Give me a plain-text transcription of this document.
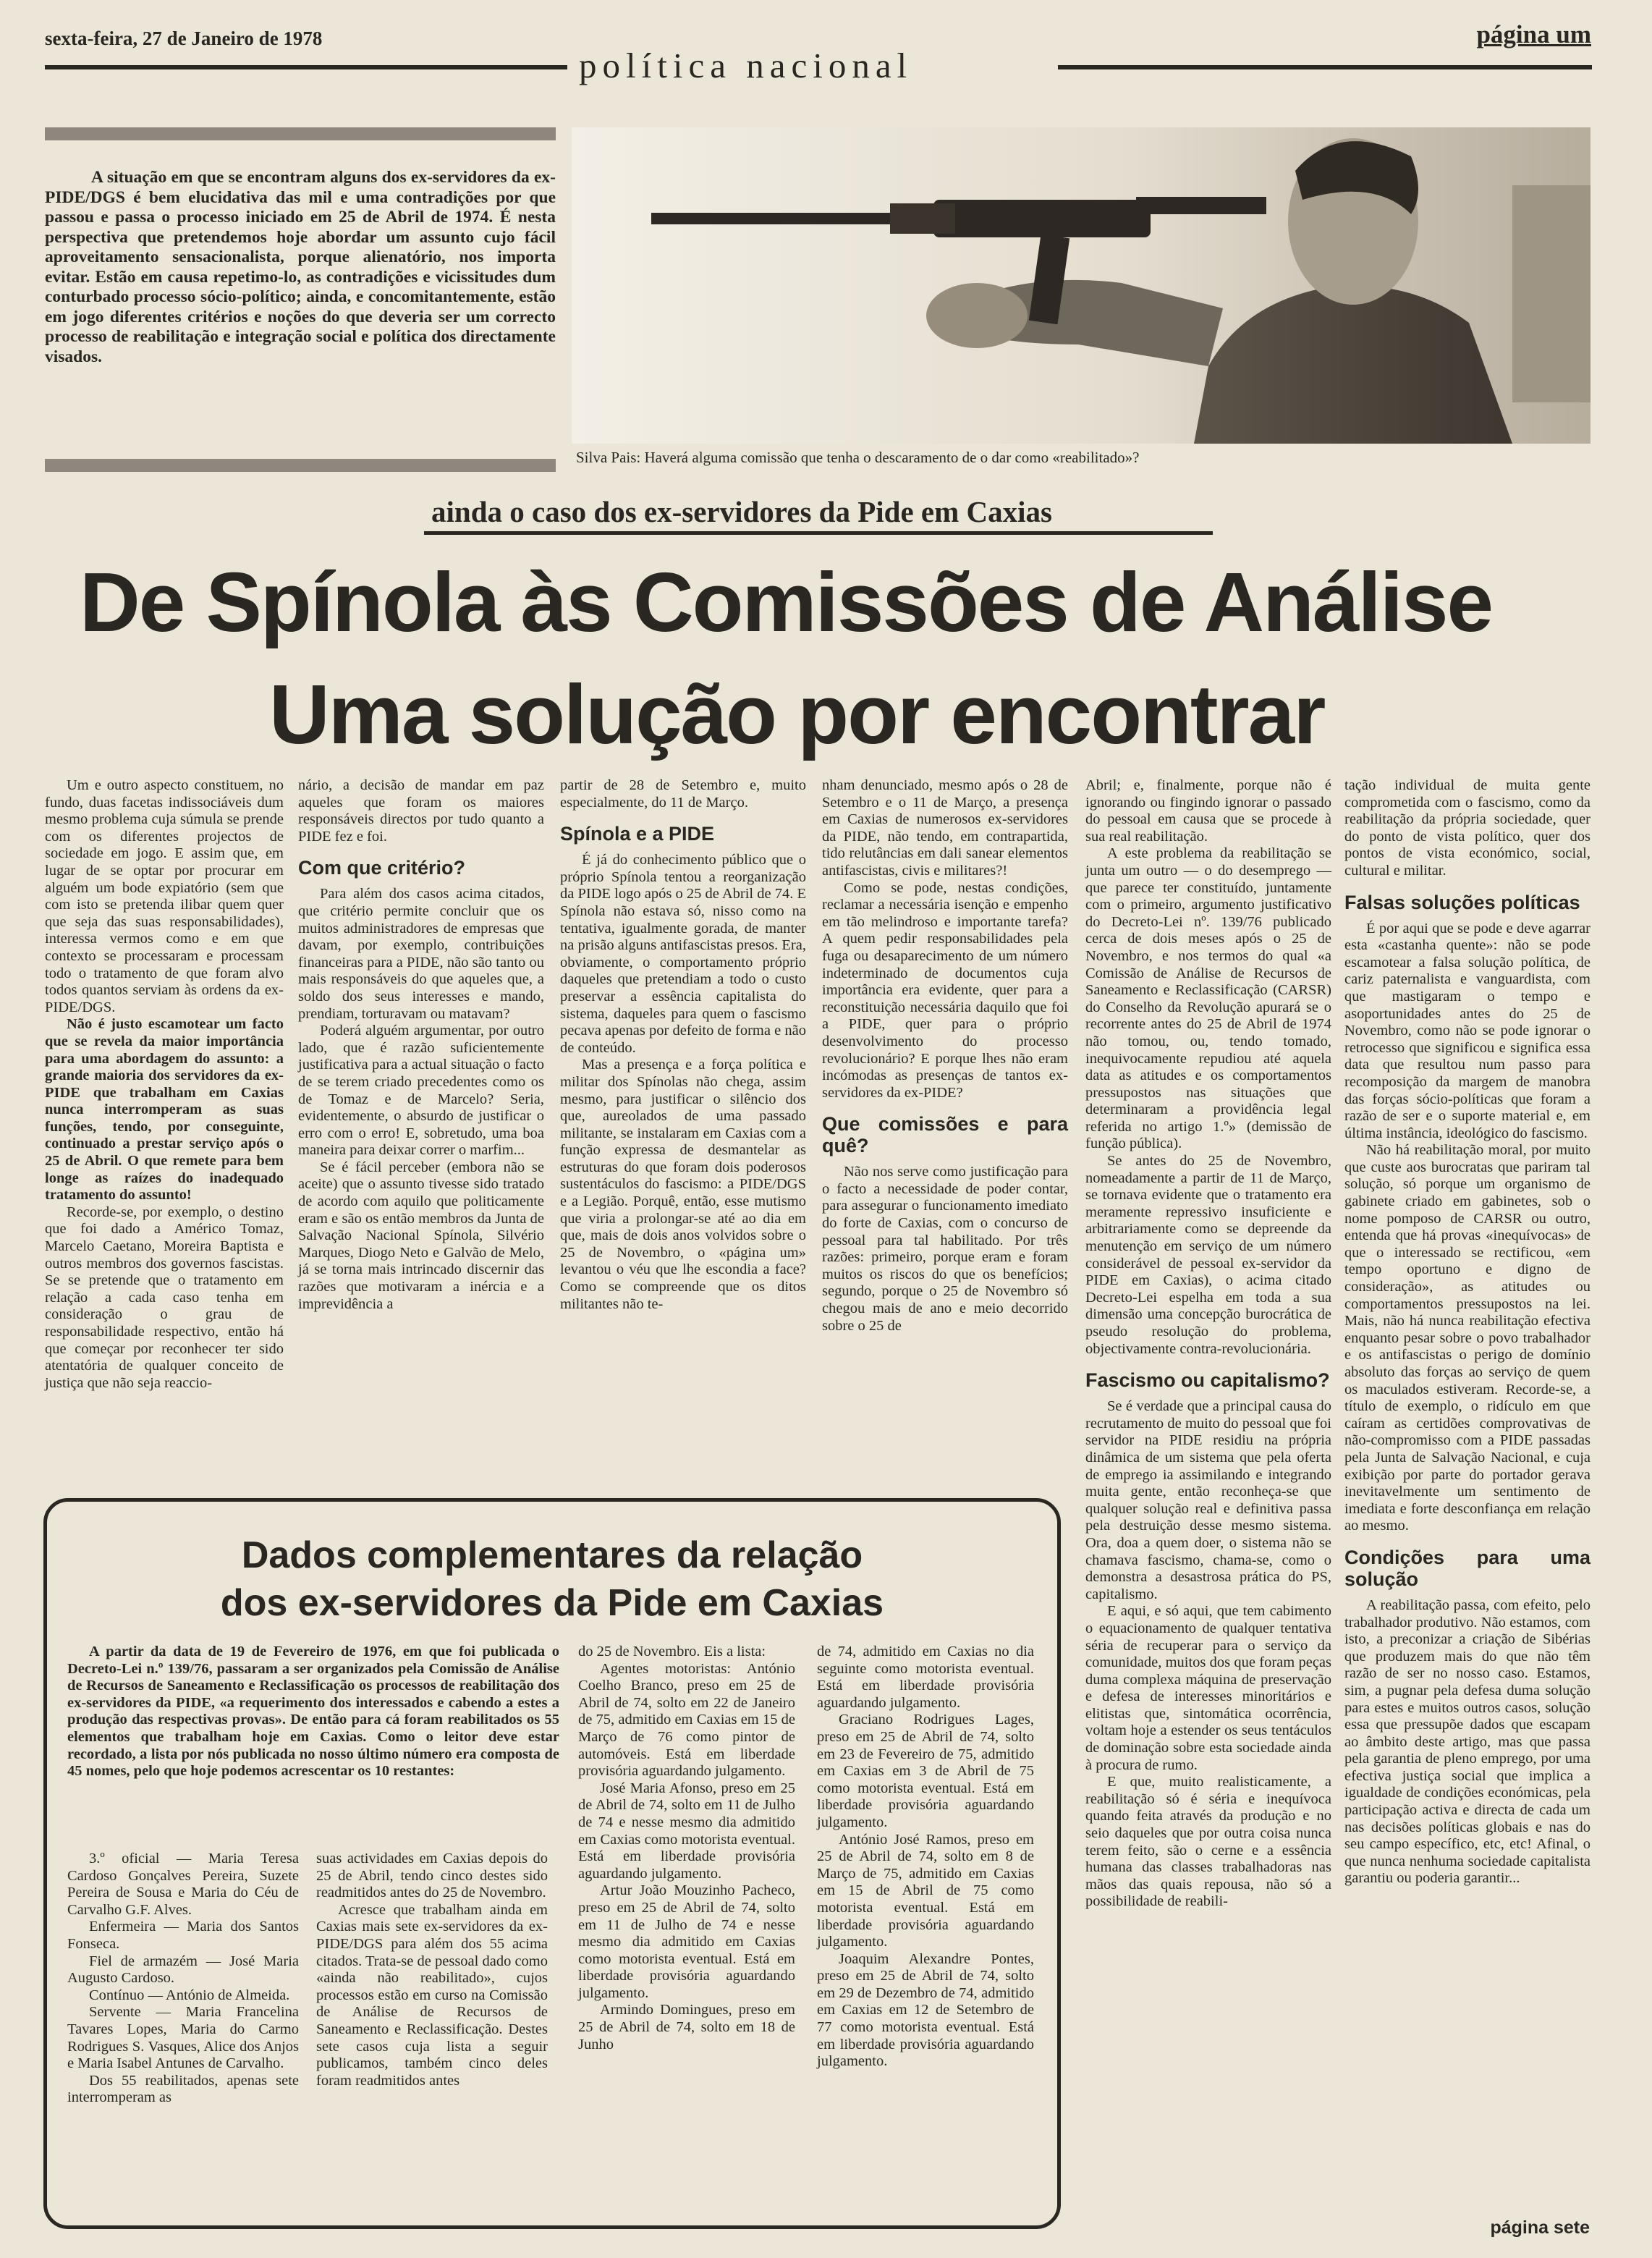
sexta-feira, 27 de Janeiro de 1978	página um
política nacional
A situação em que se encontram alguns dos ex-servidores da ex-PIDE/DGS é bem elucidativa das mil e uma contradições por que passou e passa o processo iniciado em 25 de Abril de 1974. É nesta perspectiva que pretendemos hoje abordar um assunto cujo fácil aproveitamento sensacionalista, porque alienatório, nos importa evitar. Estão em causa repetimo-lo, as contradições e vicissitudes dum conturbado processo sócio-político; ainda, e concomitantemente, estão em jogo diferentes critérios e noções do que deveria ser um correcto processo de reabilitação e integração social e política dos directamente visados.
Silva Pais: Haverá alguma comissão que tenha o descaramento de o dar como «reabilitado»?
ainda o caso dos ex-servidores da Pide em Caxias
De Spínola às Comissões de Análise
Uma solução por encontrar

Um e outro aspecto constituem, no fundo, duas facetas indissociáveis dum mesmo problema cuja súmula se prende com os diferentes projectos de sociedade em jogo. E assim que, em lugar de se optar por procurar em alguém um bode expiatório (sem que com isto se pretenda ilibar quem quer que seja das suas responsabilidades), interessa vermos como e em que contexto se processaram e processam todo o tratamento de que foram alvo todos quantos serviam às ordens da ex-PIDE/DGS.

Não é justo escamotear um facto que se revela da maior importância para uma abordagem do assunto: a grande maioria dos servidores da ex-PIDE que trabalham em Caxias nunca interromperam as suas funções, tendo, por conseguinte, continuado a prestar serviço após o 25 de Abril. O que remete para bem longe as raízes do inadequado tratamento do assunto!

Recorde-se, por exemplo, o destino que foi dado a Américo Tomaz, Marcelo Caetano, Moreira Baptista e outros membros dos governos fascistas. Se se pretende que o tratamento em relação a cada caso tenha em consideração o grau de responsabilidade respectivo, então há que começar por reconhecer ter sido atentatória de qualquer conceito de justiça que não seja reaccio-

nário, a decisão de mandar em paz aqueles que foram os maiores responsáveis directos por tudo quanto a PIDE fez e foi.

Com que critério?

Para além dos casos acima citados, que critério permite concluir que os muitos administradores de empresas que davam, por exemplo, contribuições financeiras para a PIDE, não são tanto ou mais responsáveis do que aqueles que, a soldo dos seus interesses e mando, prendiam, torturavam ou matavam?

Poderá alguém argumentar, por outro lado, que é razão suficientemente justificativa para a actual situação o facto de se terem criado precedentes como os de Tomaz e de Marcelo? Seria, evidentemente, o absurdo de justificar o erro com o erro! E, sobretudo, uma boa maneira para deixar correr o marfim...

Se é fácil perceber (embora não se aceite) que o assunto tivesse sido tratado de acordo com aquilo que politicamente eram e são os então membros da Junta de Salvação Nacional Spínola, Silvério Marques, Diogo Neto e Galvão de Melo, já se torna mais intrincado discernir das razões que motivaram a inércia e a imprevidência a

partir de 28 de Setembro e, muito especialmente, do 11 de Março.

Spínola e a PIDE

É já do conhecimento público que o próprio Spínola tentou a reorganização da PIDE logo após o 25 de Abril de 74. E Spínola não estava só, nisso como na tentativa, igualmente gorada, de manter na prisão alguns antifascistas presos. Era, obviamente, o comportamento próprio daqueles que pretendiam a todo o custo preservar a essência capitalista do sistema, daqueles para quem o fascismo pecava apenas por defeito de forma e não de conteúdo.

Mas a presença e a força política e militar dos Spínolas não chega, assim mesmo, para justificar o silêncio dos que, aureolados de uma passado militante, se instalaram em Caxias com a função expressa de desmantelar as estruturas do que foram dois poderosos sustentáculos do fascismo: a PIDE/DGS e a Legião. Porquê, então, esse mutismo que viria a prolongar-se até ao dia em que, mais de dois anos volvidos sobre o 25 de Novembro, o «página um» levantou o véu que lhe escondia a face? Como se compreende que os ditos militantes não te-

nham denunciado, mesmo após o 28 de Setembro e o 11 de Março, a presença em Caxias de numerosos ex-servidores da PIDE, não tendo, em contrapartida, tido relutâncias em dali sanear elementos antifascistas, civis e militares?!

Como se pode, nestas condições, reclamar a necessária isenção e empenho em tão melindroso e importante tarefa? A quem pedir responsabilidades pela fuga ou desaparecimento de um número indeterminado de documentos cuja importância era evidente, quer para a reconstituição necessária daquilo que foi a PIDE, quer para o próprio desenvolvimento do processo revolucionário? E porque lhes não eram incómodas as presenças de tantos ex-servidores da ex-PIDE?

Que comissões e para quê?

Não nos serve como justificação para o facto a necessidade de poder contar, para assegurar o funcionamento imediato do forte de Caxias, com o concurso de pessoal para tal habilitado. Por três razões: primeiro, porque eram e foram muitos os riscos do que os benefícios; segundo, porque o 25 de Novembro só chegou mais de ano e meio decorrido sobre o 25 de

Abril; e, finalmente, porque não é ignorando ou fingindo ignorar o passado do pessoal em causa que se procede à sua real reabilitação.

A este problema da reabilitação se junta um outro — o do desemprego — que parece ter constituído, juntamente com o primeiro, argumento justificativo do Decreto-Lei nº. 139/76 publicado cerca de dois meses após o 25 de Novembro, e nos termos do qual «a Comissão de Análise de Recursos de Saneamento e Reclassificação (CARSR) do Conselho da Revolução apurará se o recorrente antes do 25 de Abril de 1974 não tomou, ou, tendo tomado, inequivocamente repudiou até aquela data as atitudes e os comportamentos pressupostos nas situações que determinaram a providência legal referida no artigo 1.º» (demissão de função pública).

Se antes do 25 de Novembro, nomeadamente a partir de 11 de Março, se tornava evidente que o tratamento era meramente repressivo insuficiente e arbitrariamente como se depreende da menutenção em serviço de um número considerável de pessoal ex-servidor da PIDE em Caxias), o acima citado Decreto-Lei espelha em toda a sua dimensão uma concepção burocrática de pseudo resolução do problema, objectivamente contra-revolucionária.

Fascismo ou capitalismo?

Se é verdade que a principal causa do recrutamento de muito do pessoal que foi servidor na PIDE residiu na própria dinâmica de um sistema que pela oferta de emprego ia assimilando e integrando muita gente, então reconheça-se que qualquer solução real e definitiva passa pela destruição desse mesmo sistema. Ora, doa a quem doer, o sistema não se chamava fascismo, chama-se, como o demonstra a desastrosa prática do PS, capitalismo.

E aqui, e só aqui, que tem cabimento o equacionamento de qualquer tentativa séria de recuperar para o serviço da comunidade, muitos dos que foram peças duma complexa máquina de preservação e defesa de interesses minoritários e elitistas que, sintomática ocorrência, voltam hoje a estender os seus tentáculos de dominação sobre esta sociedade ainda à procura de rumo.

E que, muito realisticamente, a reabilitação só é séria e inequívoca quando feita através da produção e no seio daqueles que por outra coisa nunca terem feito, são o cerne e a essência humana das classes trabalhadoras nas mãos das quais repousa, não só a possibilidade de reabili-

tação individual de muita gente comprometida com o fascismo, como da reabilitação da própria sociedade, quer do ponto de vista político, quer dos pontos de vista económico, social, cultural e militar.

Falsas soluções políticas

É por aqui que se pode e deve agarrar esta «castanha quente»: não se pode escamotear a falsa solução política, de cariz paternalista e vanguardista, com que mastigaram o tempo e asoportunidades antes do 25 de Novembro, como não se pode ignorar o retrocesso que significou e significa essa data que resultou num passo para recomposição da margem de manobra das forças sócio-políticas que foram a razão de ser e o suporte material e, em última instância, ideológico do fascismo.

Não há reabilitação moral, por muito que custe aos burocratas que pariram tal solução, só porque um organismo de gabinete criado em gabinetes, sob o nome pomposo de CARSR ou outro, entenda que há provas «inequívocas» de que o interessado se rectificou, «em tempo oportuno e digno de consideração», as atitudes ou comportamentos pressupostos na lei. Mais, não há nunca reabilitação efectiva enquanto pesar sobre o povo trabalhador e os antifascistas o perigo de domínio absoluto das forças ao serviço de quem os maculados estiveram. Recorde-se, a título de exemplo, o ridículo em que caíram as certidões comprovativas de não-compromisso com a PIDE passadas pela Junta de Salvação Nacional, e cuja exibição por parte do portador gerava inevitavelmente um sentimento de imediata e forte desconfiança em relação ao mesmo.

Condições para uma solução

A reabilitação passa, com efeito, pelo trabalhador produtivo. Não estamos, com isto, a preconizar a criação de Sibérias que produzem mais do que não têm razão de ser no nosso caso. Estamos, sim, a pugnar pela defesa duma solução para estes e muitos outros casos, solução essa que pressupõe dados que escapam ao âmbito deste artigo, mas que passa pela garantia de pleno emprego, por uma efectiva justiça social que implica a igualdade de condições económicas, pela participação activa e directa de cada um nas decisões políticas globais e nas do seu campo específico, etc, etc! Afinal, o que nunca nenhuma sociedade capitalista garantiu ou poderia garantir...

Dados complementares da relação
dos ex-servidores da Pide em Caxias

A partir da data de 19 de Fevereiro de 1976, em que foi publicada o Decreto-Lei n.º 139/76, passaram a ser organizados pela Comissão de Análise de Recursos de Saneamento e Reclassificação os processos de reabilitação dos ex-servidores da PIDE, «a requerimento dos interessados e cabendo a estes a produção das respectivas provas». De então para cá foram reabilitados os 55 elementos que trabalham hoje em Caxias. Como o leitor deve estar recordado, a lista por nós publicada no nosso último número era composta de 45 nomes, pelo que hoje podemos acrescentar os 10 restantes:

3.º oficial — Maria Teresa Cardoso Gonçalves Pereira, Suzete Pereira de Sousa e Maria do Céu de Carvalho G.F. Alves.

Enfermeira — Maria dos Santos Fonseca.

Fiel de armazém — José Maria Augusto Cardoso.

Contínuo — António de Almeida.

Servente — Maria Francelina Tavares Lopes, Maria do Carmo Rodrigues S. Vasques, Alice dos Anjos e Maria Isabel Antunes de Carvalho.

Dos 55 reabilitados, apenas sete interromperam as

suas actividades em Caxias depois do 25 de Abril, tendo cinco destes sido readmitidos antes do 25 de Novembro.

Acresce que trabalham ainda em Caxias mais sete ex-servidores da ex-PIDE/DGS para além dos 55 acima citados. Trata-se de pessoal dado como «ainda não reabilitado», cujos processos estão em curso na Comissão de Análise de Recursos de Saneamento e Reclassificação. Destes sete casos cuja lista a seguir publicamos, também cinco deles foram readmitidos antes

do 25 de Novembro. Eis a lista:

Agentes motoristas: António Coelho Branco, preso em 25 de Abril de 74, solto em 22 de Janeiro de 75, admitido em Caxias em 15 de Março de 76 como pintor de automóveis. Está em liberdade provisória aguardando julgamento.

José Maria Afonso, preso em 25 de Abril de 74, solto em 11 de Julho de 74 e nesse mesmo dia admitido em Caxias como motorista eventual. Está em liberdade provisória aguardando julgamento.

Artur João Mouzinho Pacheco, preso em 25 de Abril de 74, solto em 11 de Julho de 74 e nesse mesmo dia admitido em Caxias como motorista eventual. Está em liberdade provisória aguardando julgamento.

Armindo Domingues, preso em 25 de Abril de 74, solto em 18 de Junho

de 74, admitido em Caxias no dia seguinte como motorista eventual. Está em liberdade provisória aguardando julgamento.

Graciano Rodrigues Lages, preso em 25 de Abril de 74, solto em 23 de Fevereiro de 75, admitido em Caxias em 3 de Abril de 75 como motorista eventual. Está em liberdade provisória aguardando julgamento.

António José Ramos, preso em 25 de Abril de 74, solto em 8 de Março de 75, admitido em Caxias em 15 de Abril de 75 como motorista eventual. Está em liberdade provisória aguardando julgamento.

Joaquim Alexandre Pontes, preso em 25 de Abril de 74, solto em 29 de Dezembro de 74, admitido em Caxias em 12 de Setembro de 77 como motorista eventual. Está em liberdade provisória aguardando julgamento.

página sete
